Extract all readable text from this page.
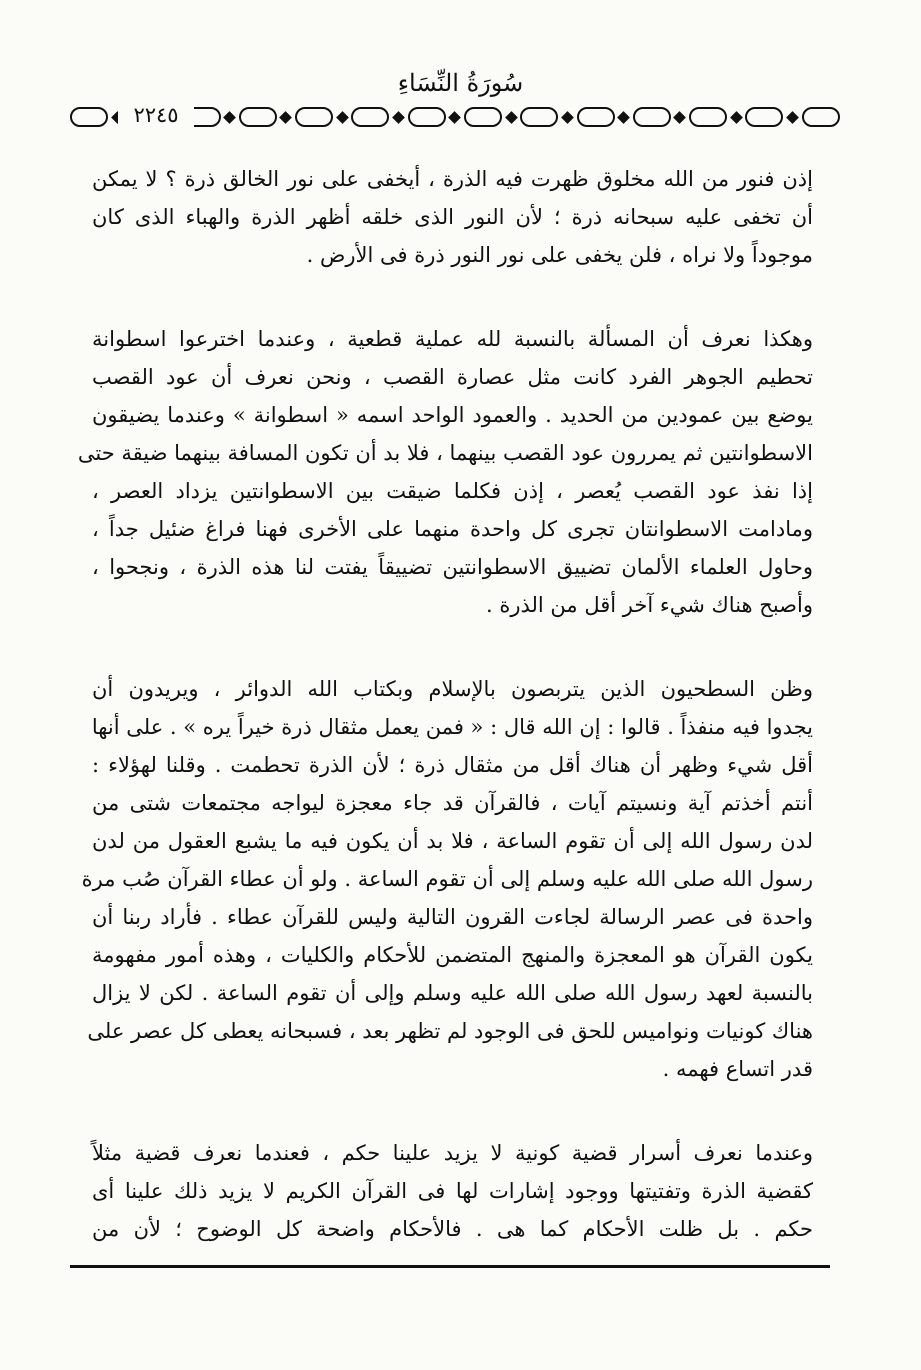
سُورَةُ النِّسَاءِ
٢٢٤٥
إذن فنور من الله مخلوق ظهرت فيه الذرة ، أيخفى على نور الخالق ذرة ؟ لا يمكن
أن تخفى عليه سبحانه ذرة ؛ لأن النور الذى خلقه أظهر الذرة والهباء الذى كان
موجوداً ولا نراه ، فلن يخفى على نور النور ذرة فى الأرض .
وهكذا نعرف أن المسألة بالنسبة لله عملية قطعية ، وعندما اخترعوا اسطوانة
تحطيم الجوهر الفرد كانت مثل عصارة القصب ، ونحن نعرف أن عود القصب
يوضع بين عمودين من الحديد . والعمود الواحد اسمه « اسطوانة » وعندما يضيقون
الاسطوانتين ثم يمررون عود القصب بينهما ، فلا بد أن تكون المسافة بينهما ضيقة حتى
إذا نفذ عود القصب يُعصر ، إذن فكلما ضيقت بين الاسطوانتين يزداد العصر ،
ومادامت الاسطوانتان تجرى كل واحدة منهما على الأخرى فهنا فراغ ضئيل جداً ،
وحاول العلماء الألمان تضييق الاسطوانتين تضييقاً يفتت لنا هذه الذرة ، ونجحوا ،
وأصبح هناك شيء آخر أقل من الذرة .
وظن السطحيون الذين يتربصون بالإسلام وبكتاب الله الدوائر ، ويريدون أن
يجدوا فيه منفذاً . قالوا : إن الله قال : « فمن يعمل مثقال ذرة خيراً يره » . على أنها
أقل شيء وظهر أن هناك أقل من مثقال ذرة ؛ لأن الذرة تحطمت . وقلنا لهؤلاء :
أنتم أخذتم آية ونسيتم آيات ، فالقرآن قد جاء معجزة ليواجه مجتمعات شتى من
لدن رسول الله إلى أن تقوم الساعة ، فلا بد أن يكون فيه ما يشبع العقول من لدن
رسول الله صلى الله عليه وسلم إلى أن تقوم الساعة . ولو أن عطاء القرآن صُب مرة
واحدة فى عصر الرسالة لجاءت القرون التالية وليس للقرآن عطاء . فأراد ربنا أن
يكون القرآن هو المعجزة والمنهج المتضمن للأحكام والكليات ، وهذه أمور مفهومة
بالنسبة لعهد رسول الله صلى الله عليه وسلم وإلى أن تقوم الساعة . لكن لا يزال
هناك كونيات ونواميس للحق فى الوجود لم تظهر بعد ، فسبحانه يعطى كل عصر على
قدر اتساع فهمه .
وعندما نعرف أسرار قضية كونية لا يزيد علينا حكم ، فعندما نعرف قضية مثلاً
كقضية الذرة وتفتيتها ووجود إشارات لها فى القرآن الكريم لا يزيد ذلك علينا أى
حكم . بل ظلت الأحكام كما هى . فالأحكام واضحة كل الوضوح ؛ لأن من
